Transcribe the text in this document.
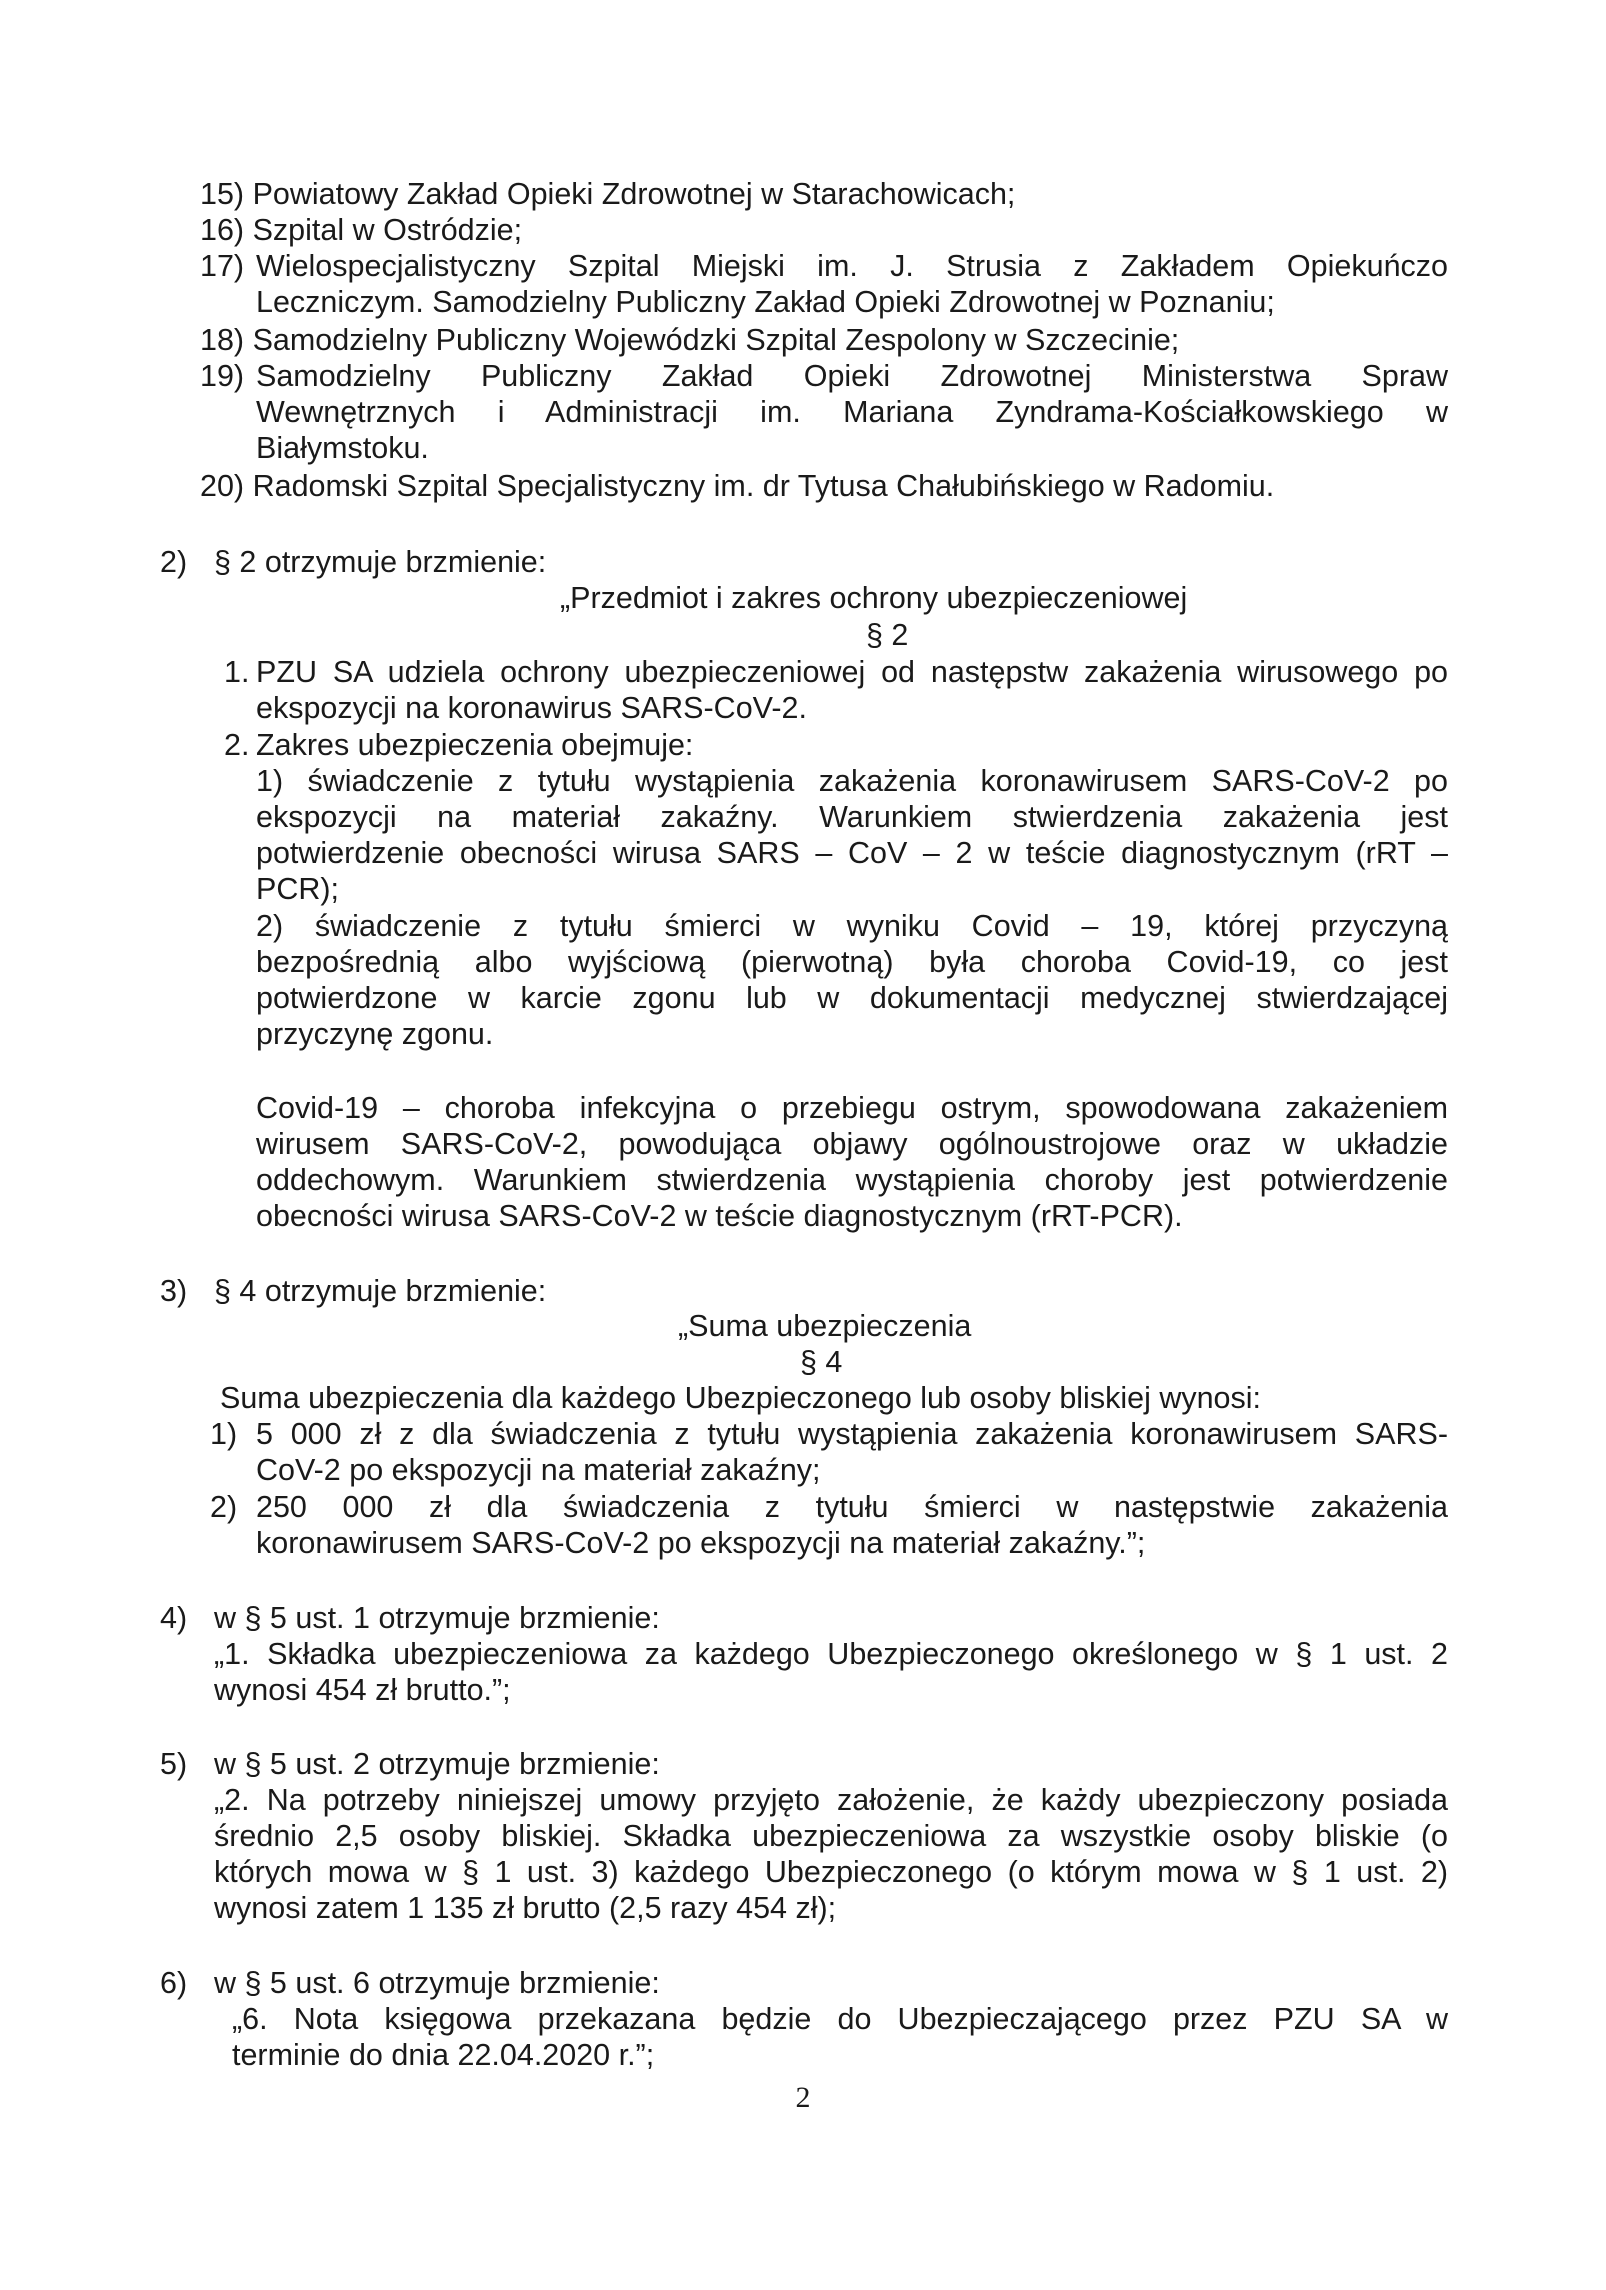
15) Powiatowy Zakład Opieki Zdrowotnej w Starachowicach;
16) Szpital w Ostródzie;
17) Wielospecjalistyczny Szpital Miejski im. J. Strusia z Zakładem Opiekuńczo
Leczniczym. Samodzielny Publiczny Zakład Opieki Zdrowotnej w Poznaniu;
18) Samodzielny Publiczny Wojewódzki Szpital Zespolony w Szczecinie;
19) Samodzielny Publiczny Zakład Opieki Zdrowotnej Ministerstwa Spraw
Wewnętrznych i Administracji im. Mariana Zyndrama-Kościałkowskiego w
Białymstoku.
20) Radomski Szpital Specjalistyczny im. dr Tytusa Chałubińskiego w Radomiu.
2) § 2 otrzymuje brzmienie:
„Przedmiot i zakres ochrony ubezpieczeniowej
§ 2
1. PZU SA udziela ochrony ubezpieczeniowej od następstw zakażenia wirusowego po
ekspozycji na koronawirus SARS-CoV-2.
2. Zakres ubezpieczenia obejmuje:
1) świadczenie z tytułu wystąpienia zakażenia koronawirusem SARS-CoV-2 po
ekspozycji na materiał zakaźny. Warunkiem stwierdzenia zakażenia jest
potwierdzenie obecności wirusa SARS – CoV – 2 w teście diagnostycznym (rRT –
PCR);
2) świadczenie z tytułu śmierci w wyniku Covid – 19, której przyczyną
bezpośrednią albo wyjściową (pierwotną) była choroba Covid-19, co jest
potwierdzone w karcie zgonu lub w dokumentacji medycznej stwierdzającej
przyczynę zgonu.
Covid-19 – choroba infekcyjna o przebiegu ostrym, spowodowana zakażeniem
wirusem SARS-CoV-2, powodująca objawy ogólnoustrojowe oraz w układzie
oddechowym. Warunkiem stwierdzenia wystąpienia choroby jest potwierdzenie
obecności wirusa SARS-CoV-2 w teście diagnostycznym (rRT-PCR).
3) § 4 otrzymuje brzmienie:
„Suma ubezpieczenia
§ 4
Suma ubezpieczenia dla każdego Ubezpieczonego lub osoby bliskiej wynosi:
1) 5 000 zł z dla świadczenia z tytułu wystąpienia zakażenia koronawirusem SARS-
CoV-2 po ekspozycji na materiał zakaźny;
2) 250 000 zł dla świadczenia z tytułu śmierci w następstwie zakażenia
koronawirusem SARS-CoV-2 po ekspozycji na materiał zakaźny.”;
4) w § 5 ust. 1 otrzymuje brzmienie:
„1. Składka ubezpieczeniowa za każdego Ubezpieczonego określonego w § 1 ust. 2
wynosi 454 zł brutto.”;
5) w § 5 ust. 2 otrzymuje brzmienie:
„2. Na potrzeby niniejszej umowy przyjęto założenie, że każdy ubezpieczony posiada
średnio 2,5 osoby bliskiej. Składka ubezpieczeniowa za wszystkie osoby bliskie (o
których mowa w § 1 ust. 3) każdego Ubezpieczonego (o którym mowa w § 1 ust. 2)
wynosi zatem 1 135 zł brutto (2,5 razy 454 zł);
6) w § 5 ust. 6 otrzymuje brzmienie:
„6. Nota księgowa przekazana będzie do Ubezpieczającego przez PZU SA w
terminie do dnia 22.04.2020 r.”;
2
